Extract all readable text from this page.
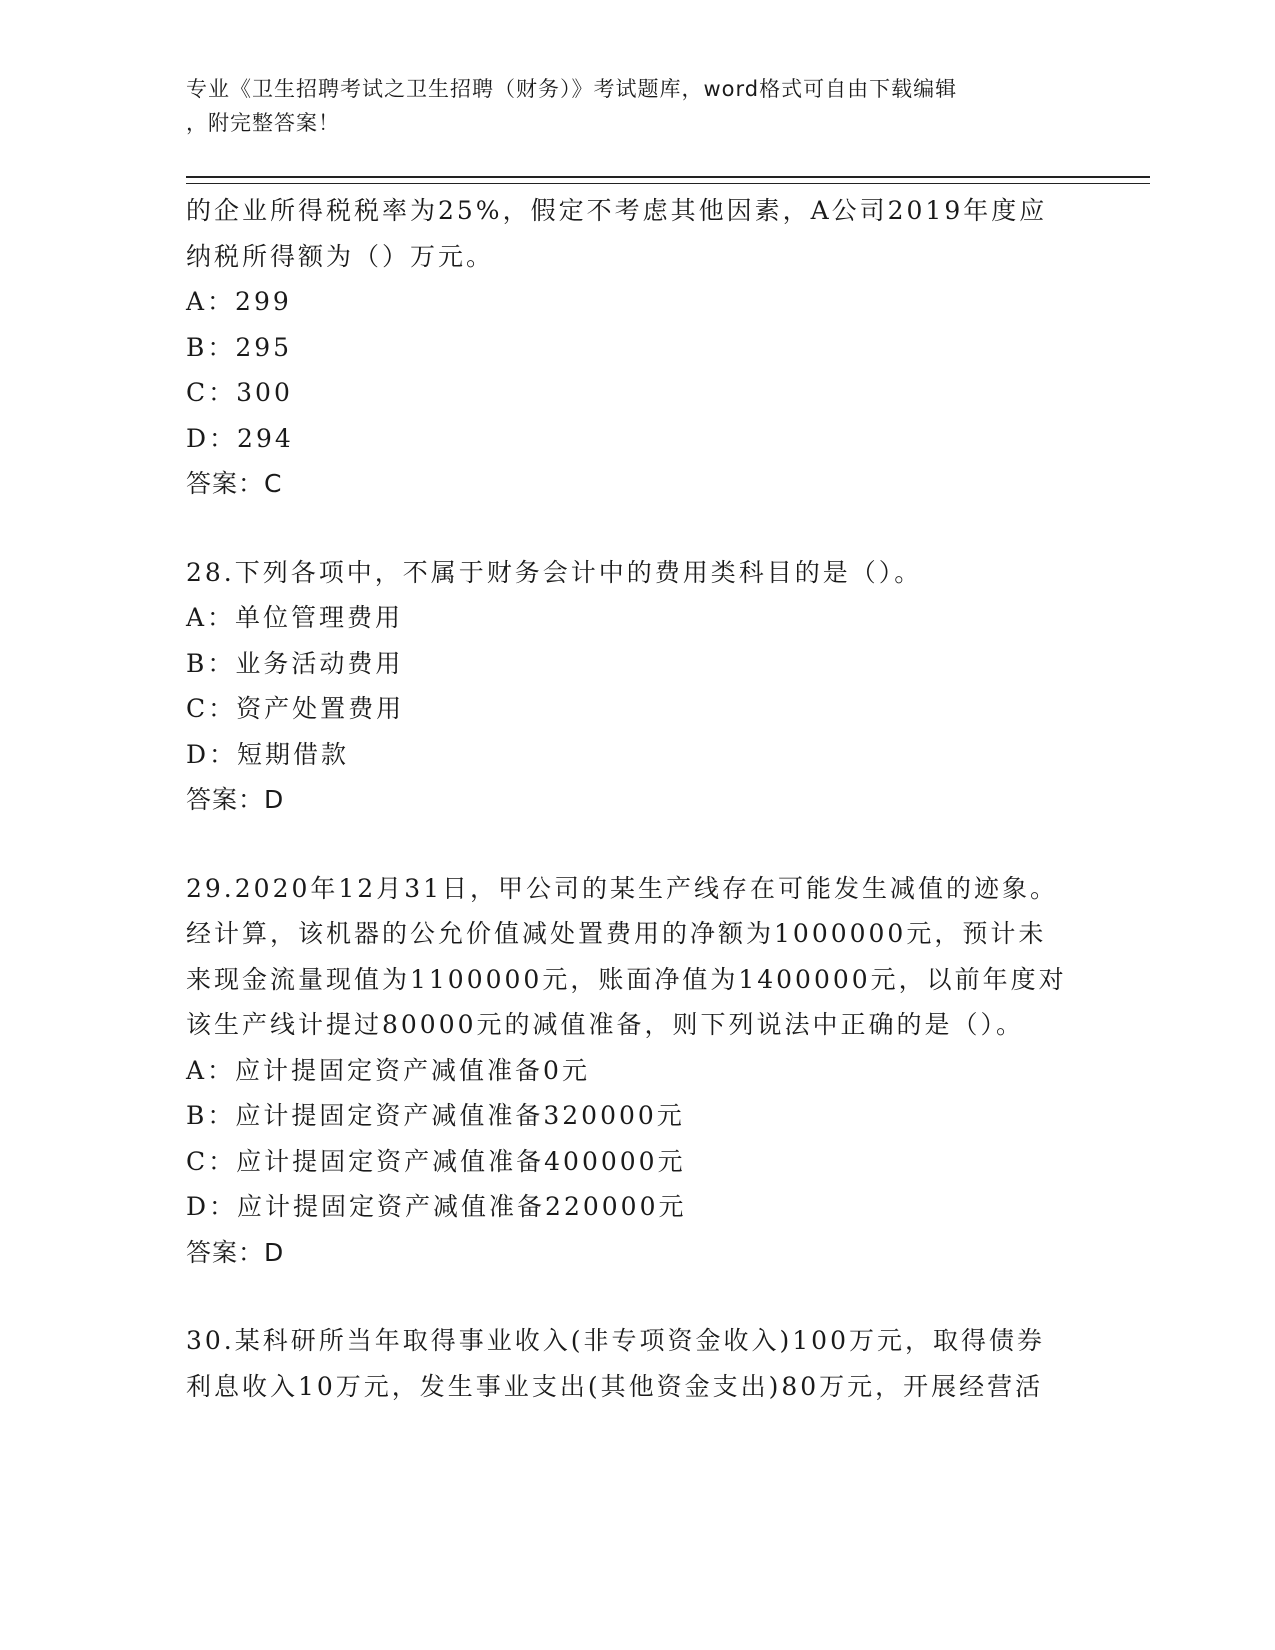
专业《卫生招聘考试之卫生招聘（财务）》考试题库，word格式可自由下载编辑
，附完整答案！
的企业所得税税率为25%，假定不考虑其他因素，A公司2019年度应
纳税所得额为（）万元。
A：299
B：295
C：300
D：294
答案：C
28.下列各项中，不属于财务会计中的费用类科目的是（）。
A：单位管理费用
B：业务活动费用
C：资产处置费用
D：短期借款
答案：D
29.2020年12月31日，甲公司的某生产线存在可能发生减值的迹象。
经计算，该机器的公允价值减处置费用的净额为1000000元，预计未
来现金流量现值为1100000元，账面净值为1400000元，以前年度对
该生产线计提过80000元的减值准备，则下列说法中正确的是（）。
A：应计提固定资产减值准备0元
B：应计提固定资产减值准备320000元
C：应计提固定资产减值准备400000元
D：应计提固定资产减值准备220000元
答案：D
30.某科研所当年取得事业收入(非专项资金收入)100万元，取得债券
利息收入10万元，发生事业支出(其他资金支出)80万元，开展经营活
